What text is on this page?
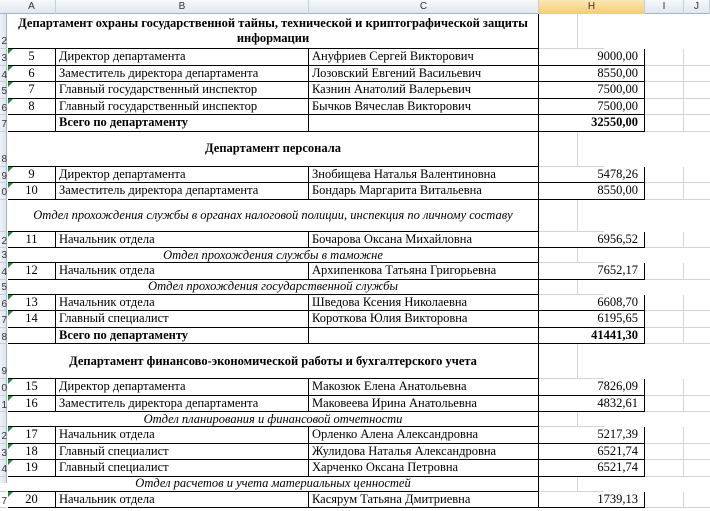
A	B	C	H	I	J
2
3
4
5
6
7
8
9
0
2
3
4
5
6
7
8
9
0
1
2
3
4
7
Департамент охраны государственной тайны, технической и криптографической защиты информации
5	Директор департамента	Ануфриев Сергей Викторович	9000,00
6	Заместитель директора департамента	Лозовский Евгений Васильевич	8550,00
7	Главный государственный инспектор	Казнин Анатолий Валерьевич	7500,00
8	Главный государственный инспектор	Бычков Вячеслав Викторович	7500,00
Всего по департаменту	32550,00
Департамент персонала
9	Директор департамента	Знобищева Наталья Валентиновна	5478,26
10	Заместитель директора департамента	Бондарь Маргарита Витальевна	8550,00
Отдел прохождения службы в органах налоговой полиции, инспекция по личному составу
11	Начальник отдела	Бочарова Оксана Михайловна	6956,52
Отдел прохождения службы в таможне
12	Начальник отдела	Архипенкова Татьяна Григорьевна	7652,17
Отдел прохождения государственной службы
13	Начальник отдела	Шведова Ксения Николаевна	6608,70
14	Главный специалист	Короткова Юлия Викторовна	6195,65
Всего по департаменту	41441,30
Департамент финансово-экономической работы и бухгалтерского учета
15	Директор департамента	Макозюк Елена Анатольевна	7826,09
16	Заместитель директора департамента	Маковеева Ирина Анатольевна	4832,61
Отдел планирования и финансовой отчетности
17	Начальник отдела	Орленко Алена Александровна	5217,39
18	Главный специалист	Жулидова Наталья Александровна	6521,74
19	Главный специалист	Харченко Оксана Петровна	6521,74
Отдел расчетов и учета материальных ценностей
20	Начальник отдела	Касярум Татьяна Дмитриевна	1739,13
